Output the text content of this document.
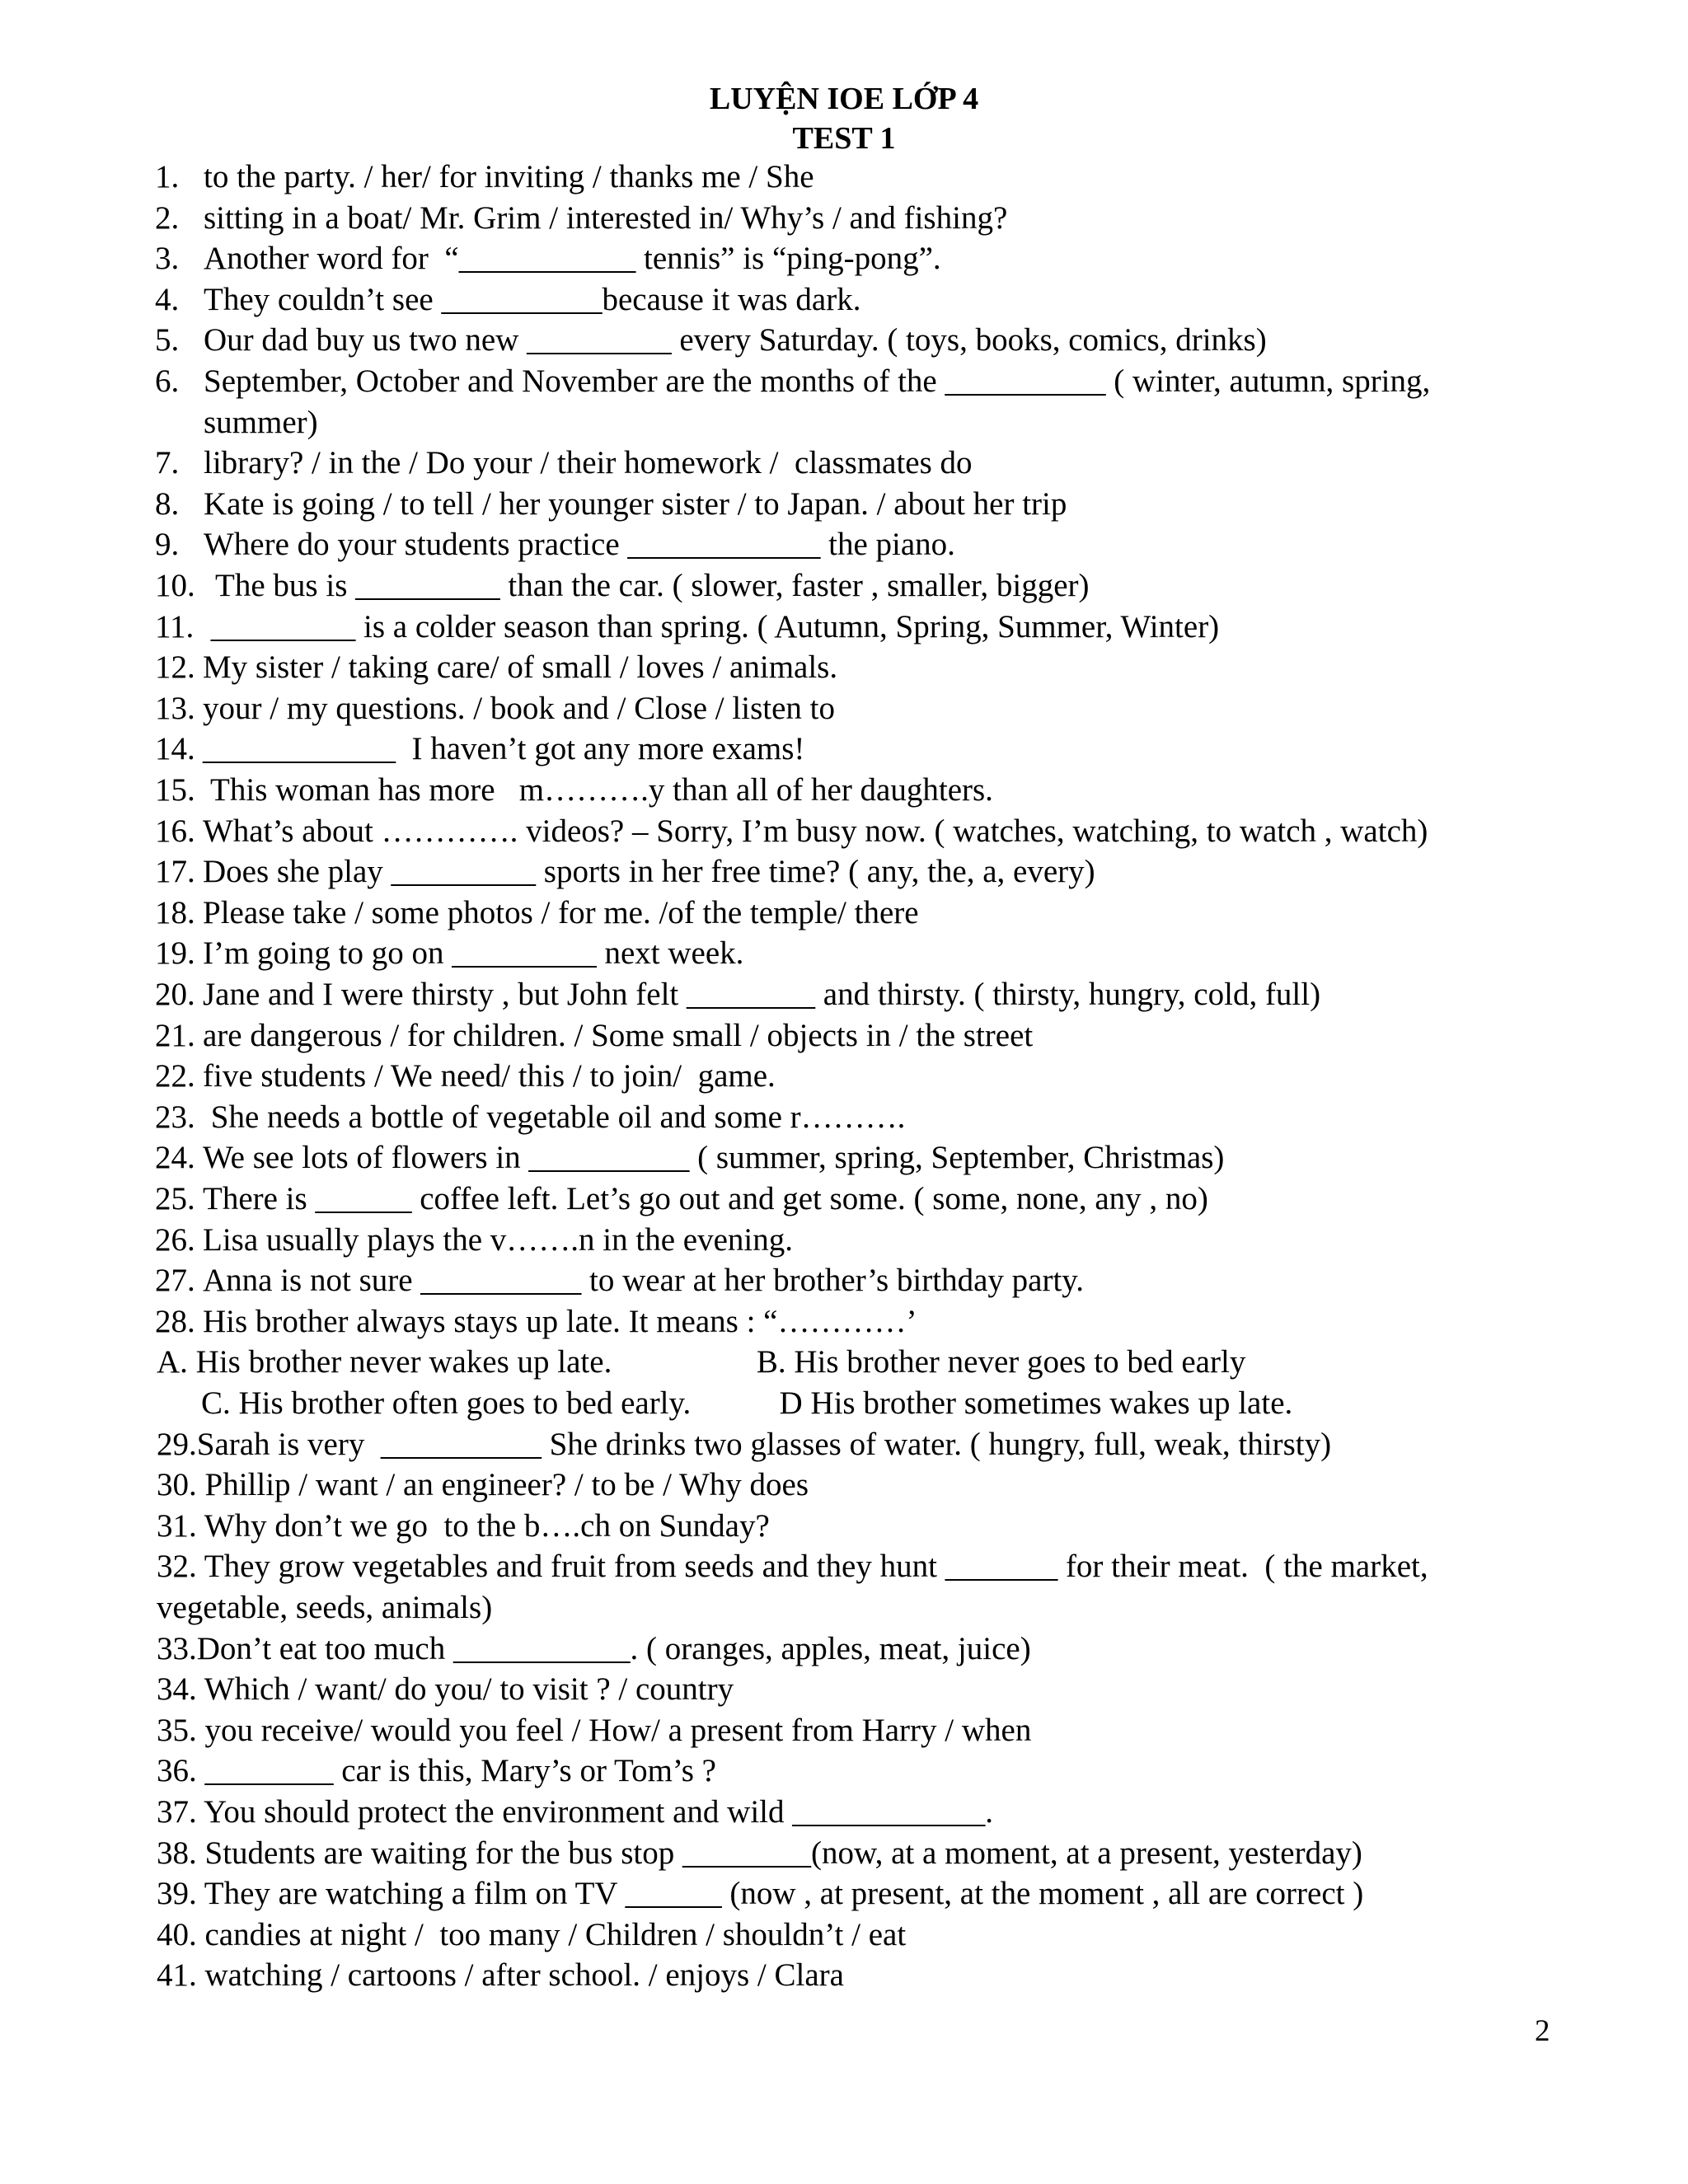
LUYỆN IOE LỚP 4
TEST 1
1. to the party. / her/ for inviting / thanks me / She
2. sitting in a boat/ Mr. Grim / interested in/ Why’s / and fishing?
3. Another word for  “___________ tennis” is “ping-pong”.
4. They couldn’t see __________because it was dark.
5. Our dad buy us two new _________ every Saturday. ( toys, books, comics, drinks)
6. September, October and November are the months of the __________ ( winter, autumn, spring,
summer)
7. library? / in the / Do your / their homework /  classmates do
8. Kate is going / to tell / her younger sister / to Japan. / about her trip
9. Where do your students practice ____________ the piano.
10. The bus is _________ than the car. ( slower, faster , smaller, bigger)
11. _________ is a colder season than spring. ( Autumn, Spring, Summer, Winter)
12. My sister / taking care/ of small / loves / animals.
13. your / my questions. / book and / Close / listen to
14. ____________  I haven’t got any more exams!
15. This woman has more   m……….y than all of her daughters.
16. What’s about …………. videos? – Sorry, I’m busy now. ( watches, watching, to watch , watch)
17. Does she play _________ sports in her free time? ( any, the, a, every)
18. Please take / some photos / for me. /of the temple/ there
19. I’m going to go on _________ next week.
20. Jane and I were thirsty , but John felt ________ and thirsty. ( thirsty, hungry, cold, full)
21. are dangerous / for children. / Some small / objects in / the street
22. five students / We need/ this / to join/  game.
23. She needs a bottle of vegetable oil and some r……….
24. We see lots of flowers in __________ ( summer, spring, September, Christmas)
25. There is ______ coffee left. Let’s go out and get some. ( some, none, any , no)
26. Lisa usually plays the v…….n in the evening.
27. Anna is not sure __________ to wear at her brother’s birthday party.
28. His brother always stays up late. It means : “…………’
A. His brother never wakes up late.                  B. His brother never goes to bed early
C. His brother often goes to bed early.           D His brother sometimes wakes up late.
29.Sarah is very  __________ She drinks two glasses of water. ( hungry, full, weak, thirsty)
30. Phillip / want / an engineer? / to be / Why does
31. Why don’t we go  to the b….ch on Sunday?
32. They grow vegetables and fruit from seeds and they hunt _______ for their meat.  ( the market,
vegetable, seeds, animals)
33.Don’t eat too much ___________. ( oranges, apples, meat, juice)
34. Which / want/ do you/ to visit ? / country
35. you receive/ would you feel / How/ a present from Harry / when
36. ________ car is this, Mary’s or Tom’s ?
37. You should protect the environment and wild ____________.
38. Students are waiting for the bus stop ________(now, at a moment, at a present, yesterday)
39. They are watching a film on TV ______ (now , at present, at the moment , all are correct )
40. candies at night /  too many / Children / shouldn’t / eat
41. watching / cartoons / after school. / enjoys / Clara
2
